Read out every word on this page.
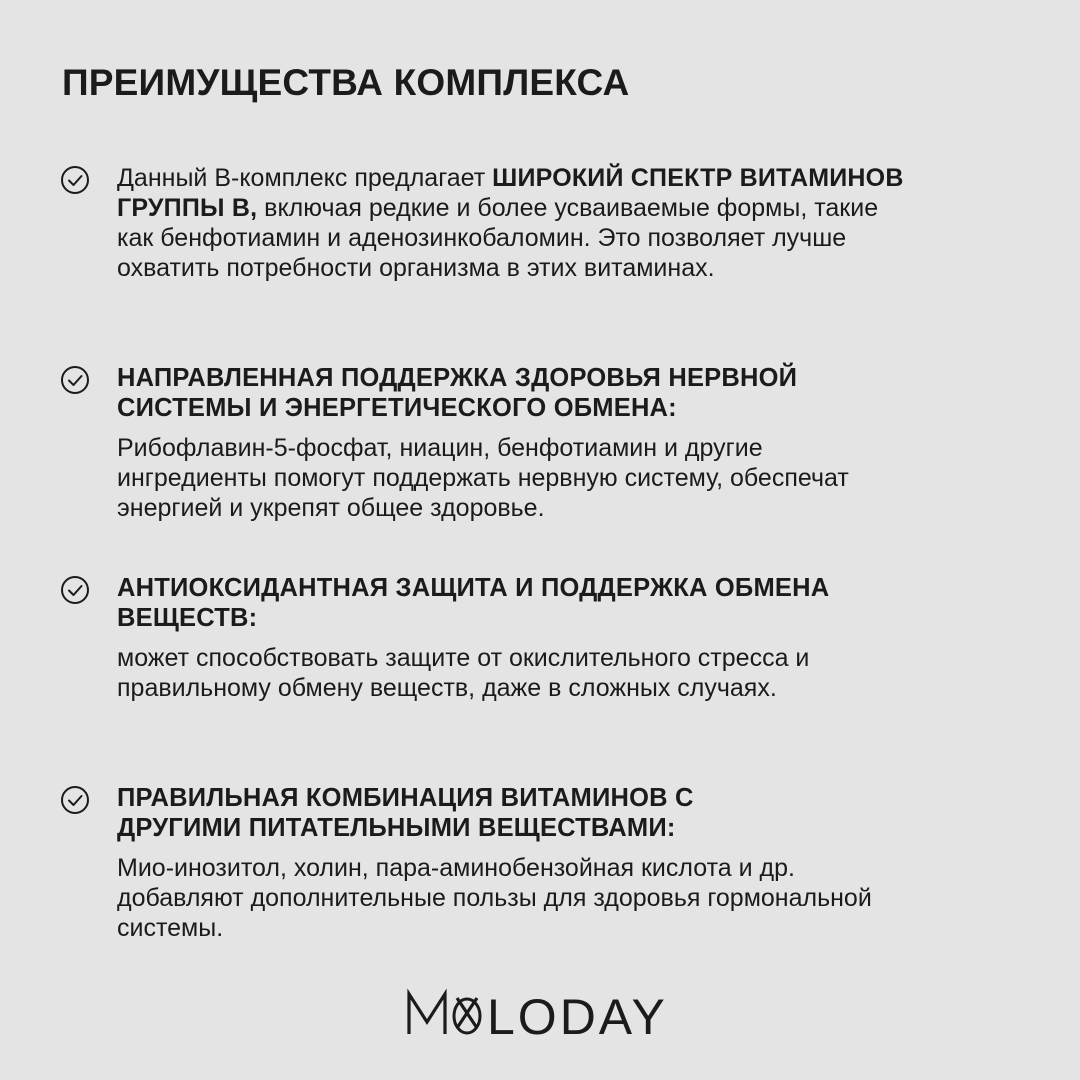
ПРЕИМУЩЕСТВА КОМПЛЕКСА
Данный B-комплекс предлагает ШИРОКИЙ СПЕКТР ВИТАМИНОВ ГРУППЫ В, включая редкие и более усваиваемые формы, такие как бенфотиамин и аденозинкобаломин. Это позволяет лучше охватить потребности организма в этих витаминах.
НАПРАВЛЕННАЯ ПОДДЕРЖКА ЗДОРОВЬЯ НЕРВНОЙ СИСТЕМЫ И ЭНЕРГЕТИЧЕСКОГО ОБМЕНА:
Рибофлавин-5-фосфат, ниацин, бенфотиамин и другие ингредиенты помогут поддержать нервную систему, обеспечат энергией и укрепят общее здоровье.
АНТИОКСИДАНТНАЯ ЗАЩИТА И ПОДДЕРЖКА ОБМЕНА ВЕЩЕСТВ:
может способствовать защите от окислительного стресса и правильному обмену веществ, даже в сложных случаях.
ПРАВИЛЬНАЯ КОМБИНАЦИЯ ВИТАМИНОВ С ДРУГИМИ ПИТАТЕЛЬНЫМИ ВЕЩЕСТВАМИ:
Мио-инозитол, холин, пара-аминобензойная кислота и др. добавляют дополнительные пользы для здоровья гормональной системы.
LODAY
